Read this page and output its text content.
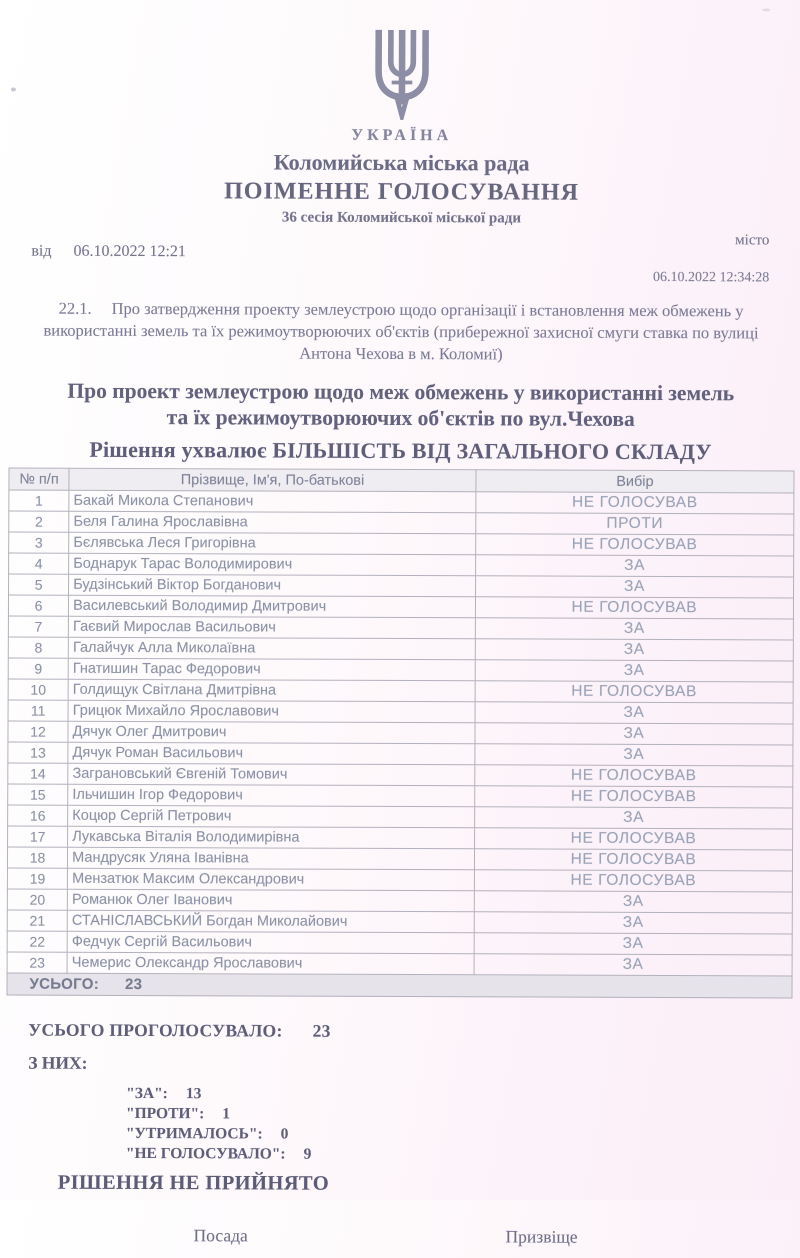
УКРАЇНА
Коломийська міська рада
ПОІМЕННЕ ГОЛОСУВАННЯ
36 сесія Коломийської міської ради
місто
від 06.10.2022 12:21
06.10.2022 12:34:28
22.1. Про затвердження проекту землеустрою щодо організації і встановлення меж обмежень у використанні земель та їх режимоутворюючих об'єктів (прибережної захисної смуги ставка по вулиці Антона Чехова в м. Коломиї)
Про проект землеустрою щодо меж обмежень у використанні земель та їх режимоутворюючих об'єктів по вул.Чехова
Рішення ухвалює БІЛЬШІСТЬ ВІД ЗАГАЛЬНОГО СКЛАДУ
№ п/п	Прізвище, Ім'я, По-батькові	Вибір
1	Бакай Микола Степанович	НЕ ГОЛОСУВАВ
2	Беля Галина Ярославівна	ПРОТИ
3	Бєлявська Леся Григорівна	НЕ ГОЛОСУВАВ
4	Боднарук Тарас Володимирович	ЗА
5	Будзінський Віктор Богданович	ЗА
6	Василевський Володимир Дмитрович	НЕ ГОЛОСУВАВ
7	Гаєвий Мирослав Васильович	ЗА
8	Галайчук Алла Миколаївна	ЗА
9	Гнатишин Тарас Федорович	ЗА
10	Голдищук Світлана Дмитрівна	НЕ ГОЛОСУВАВ
11	Грицюк Михайло Ярославович	ЗА
12	Дячук Олег Дмитрович	ЗА
13	Дячук Роман Васильович	ЗА
14	Заграновський Євгеній Томович	НЕ ГОЛОСУВАВ
15	Ільчишин Ігор Федорович	НЕ ГОЛОСУВАВ
16	Коцюр Сергій Петрович	ЗА
17	Лукавська Віталія Володимирівна	НЕ ГОЛОСУВАВ
18	Мандрусяк Уляна Іванівна	НЕ ГОЛОСУВАВ
19	Мензатюк Максим Олександрович	НЕ ГОЛОСУВАВ
20	Романюк Олег Іванович	ЗА
21	СТАНІСЛАВСЬКИЙ Богдан Миколайович	ЗА
22	Федчук Сергій Васильович	ЗА
23	Чемерис Олександр Ярославович	ЗА
УСЬОГО: 23		
УСЬОГО ПРОГОЛОСУВАЛО: 23
З НИХ:
"ЗА": 13
"ПРОТИ": 1
"УТРИМАЛОСЬ": 0
"НЕ ГОЛОСУВАЛО": 9
РІШЕННЯ НЕ ПРИЙНЯТО
Посада	Призвіще
